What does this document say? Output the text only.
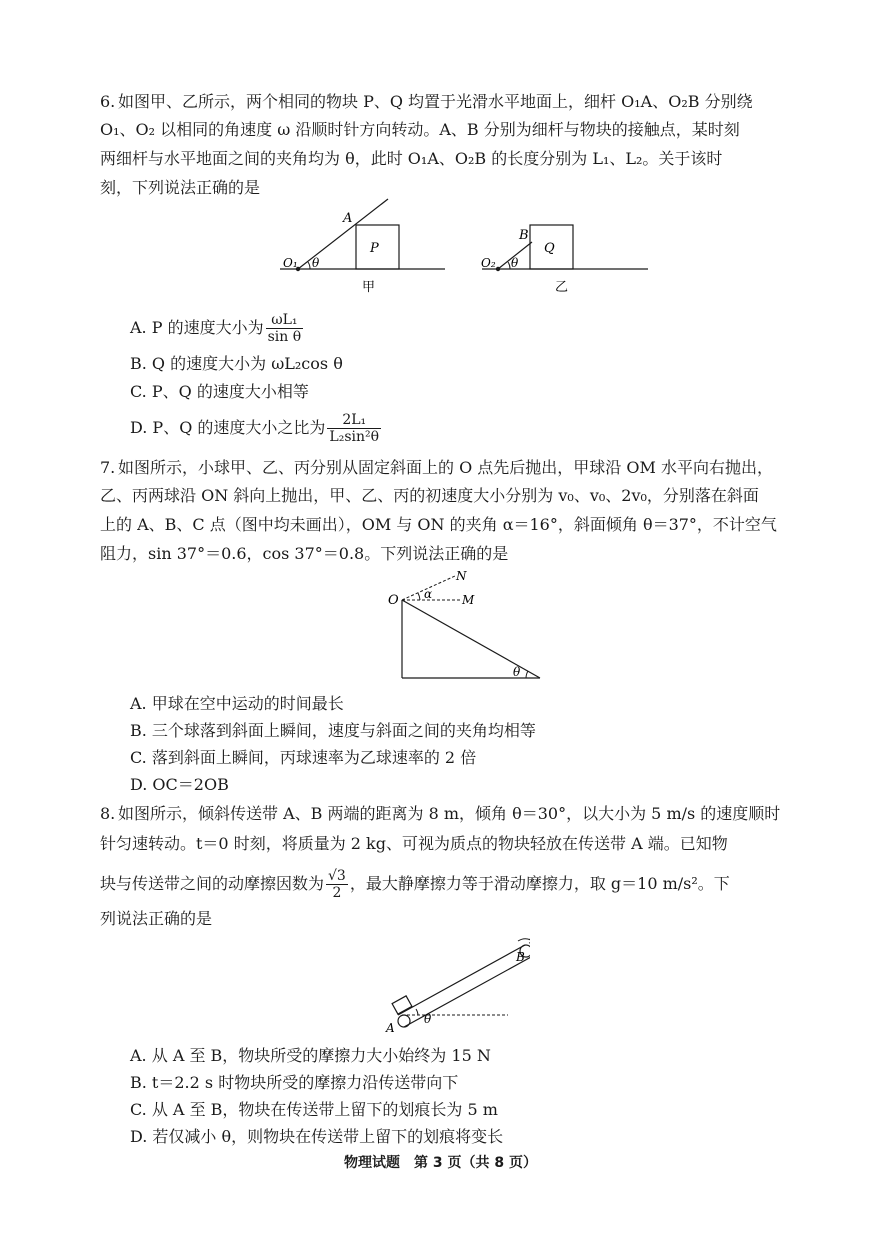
6. 如图甲、乙所示，两个相同的物块 P、Q 均置于光滑水平地面上，细杆 O₁A、O₂B 分别绕
O₁、O₂ 以相同的角速度 ω 沿顺时针方向转动。A、B 分别为细杆与物块的接触点，某时刻
两细杆与水平地面之间的夹角均为 θ，此时 O₁A、O₂B 的长度分别为 L₁、L₂。关于该时
刻，下列说法正确的是
A
P
O₁ θ
甲
B
Q
O₂ θ
乙
A. P 的速度大小为 $\frac{\text{ωL₁}}{\text{sin θ}}$
B. Q 的速度大小为 ωL₂cos θ
C. P、Q 的速度大小相等
D. P、Q 的速度大小之比为 $\frac{\text{2L₁}}{\text{L₂sin²θ}}$
7. 如图所示，小球甲、乙、丙分别从固定斜面上的 O 点先后抛出，甲球沿 OM 水平向右抛出，
乙、丙两球沿 ON 斜向上抛出，甲、乙、丙的初速度大小分别为 v₀、v₀、2v₀，分别落在斜面
上的 A、B、C 点（图中均未画出），OM 与 ON 的夹角 α＝16°，斜面倾角 θ＝37°，不计空气
阻力，sin 37°＝0.6，cos 37°＝0.8。下列说法正确的是
O
N
M
α
θ
A. 甲球在空中运动的时间最长
B. 三个球落到斜面上瞬间，速度与斜面之间的夹角均相等
C. 落到斜面上瞬间，丙球速率为乙球速率的 2 倍
D. OC＝2OB
8. 如图所示，倾斜传送带 A、B 两端的距离为 8 m，倾角 θ＝30°，以大小为 5 m/s 的速度顺时
针匀速转动。t＝0 时刻，将质量为 2 kg、可视为质点的物块轻放在传送带 A 端。已知物
块与传送带之间的动摩擦因数为 $\frac{√3}{2}$ ，最大静摩擦力等于滑动摩擦力，取 g＝10 m/s²。下
列说法正确的是
A
B
θ
A. 从 A 至 B，物块所受的摩擦力大小始终为 15 N
B. t＝2.2 s 时物块所受的摩擦力沿传送带向下
C. 从 A 至 B，物块在传送带上留下的划痕长为 5 m
D. 若仅减小 θ，则物块在传送带上留下的划痕将变长
物理试题　第 3 页（共 8 页）
